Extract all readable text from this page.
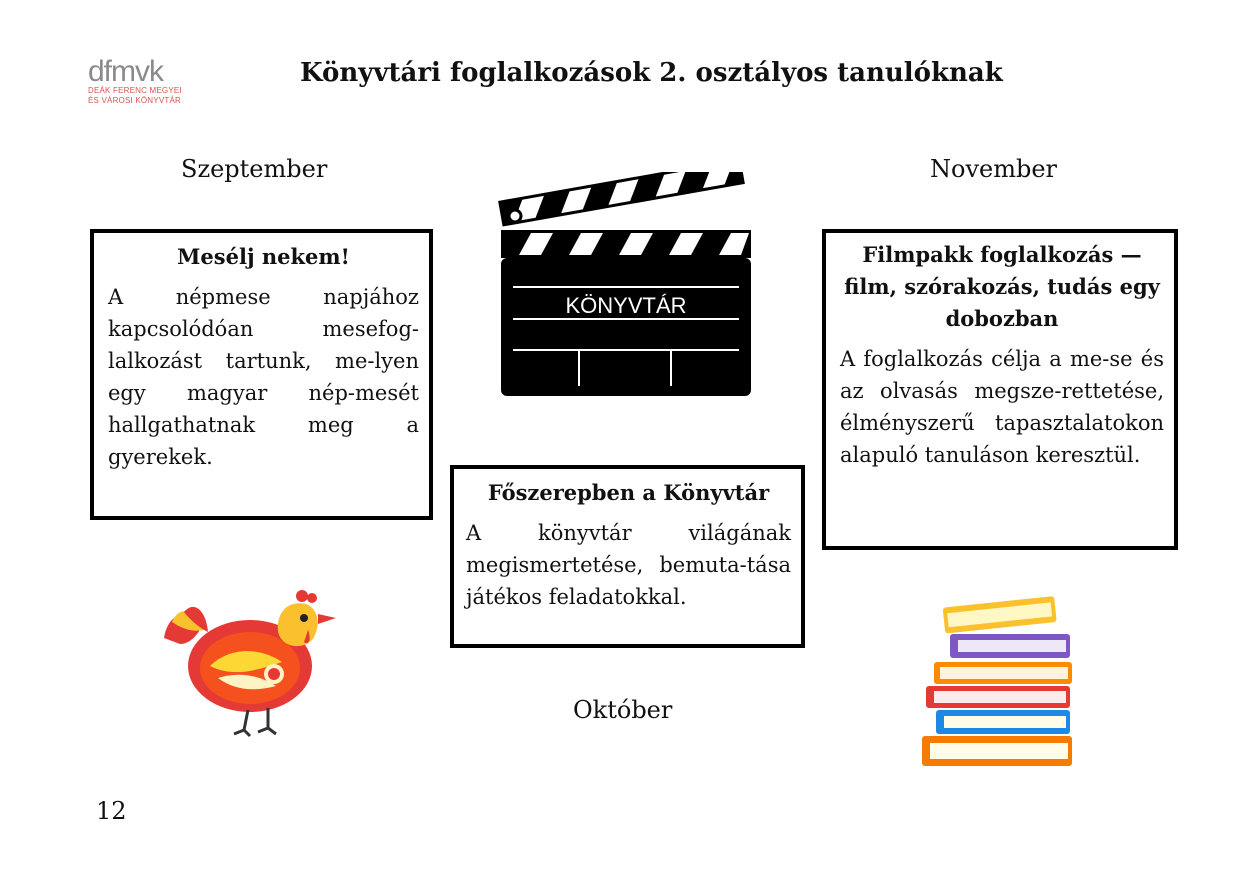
dfmvk
DEÁK FERENC MEGYEI
ÉS VÁROSI KÖNYVTÁR
Könyvtári foglalkozások 2. osztályos tanulóknak
Szeptember	November
Október
KÖNYVTÁR
Mesélj nekem!

A népmese napjához kapcsolódóan mesefog-lalkozást tartunk, me-lyen egy magyar nép-mesét hallgathatnak meg a gyerekek.

Főszerepben a Könyvtár

A könyvtár világának megismertetése, bemuta-tása játékos feladatokkal.

Filmpakk foglalkozás — film, szórakozás, tudás egy dobozban

A foglalkozás célja a me-se és az olvasás megsze-rettetése, élményszerű tapasztalatokon alapuló tanuláson keresztül.

12
